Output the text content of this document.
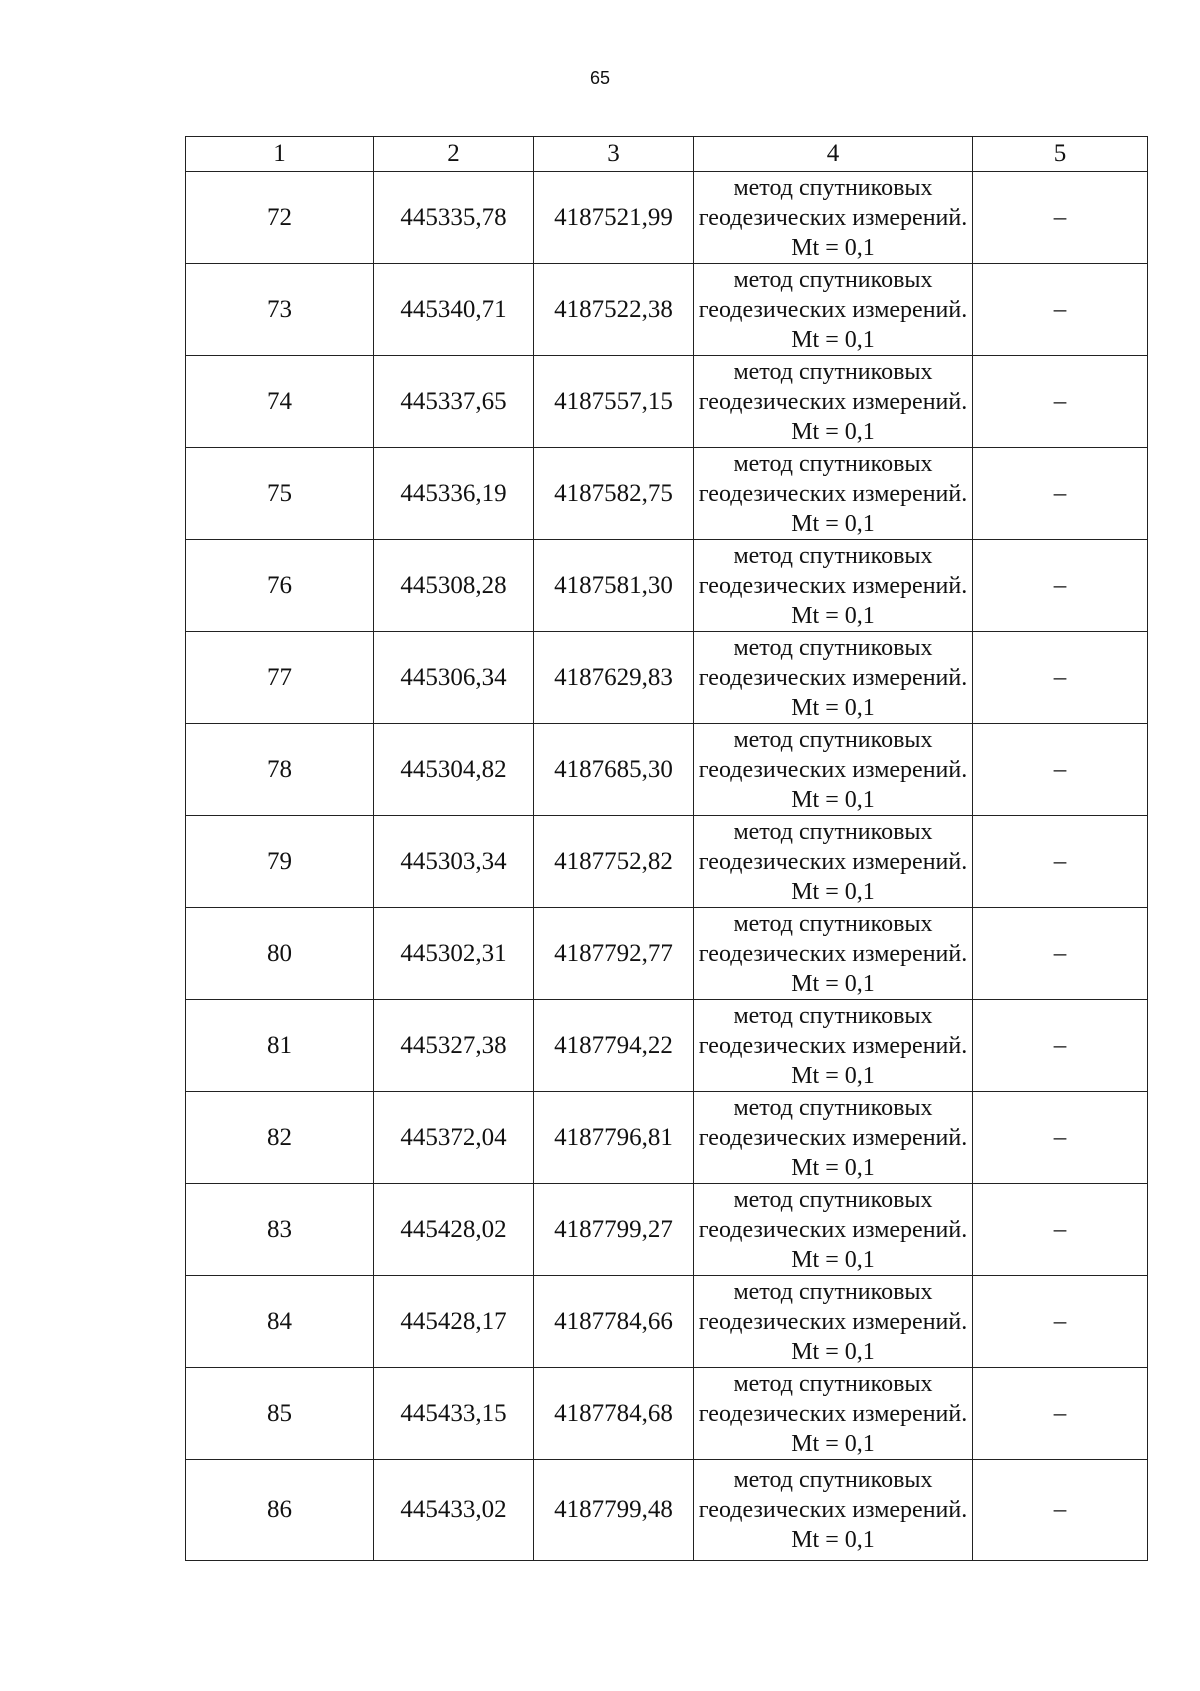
65
1	2	3	4	5
72	445335,78	4187521,99	метод спутниковых геодезических измерений. Mt = 0,1	–
73	445340,71	4187522,38	метод спутниковых геодезических измерений. Mt = 0,1	–
74	445337,65	4187557,15	метод спутниковых геодезических измерений. Mt = 0,1	–
75	445336,19	4187582,75	метод спутниковых геодезических измерений. Mt = 0,1	–
76	445308,28	4187581,30	метод спутниковых геодезических измерений. Mt = 0,1	–
77	445306,34	4187629,83	метод спутниковых геодезических измерений. Mt = 0,1	–
78	445304,82	4187685,30	метод спутниковых геодезических измерений. Mt = 0,1	–
79	445303,34	4187752,82	метод спутниковых геодезических измерений. Mt = 0,1	–
80	445302,31	4187792,77	метод спутниковых геодезических измерений. Mt = 0,1	–
81	445327,38	4187794,22	метод спутниковых геодезических измерений. Mt = 0,1	–
82	445372,04	4187796,81	метод спутниковых геодезических измерений. Mt = 0,1	–
83	445428,02	4187799,27	метод спутниковых геодезических измерений. Mt = 0,1	–
84	445428,17	4187784,66	метод спутниковых геодезических измерений. Mt = 0,1	–
85	445433,15	4187784,68	метод спутниковых геодезических измерений. Mt = 0,1	–
86	445433,02	4187799,48	метод спутниковых геодезических измерений. Mt = 0,1	–
